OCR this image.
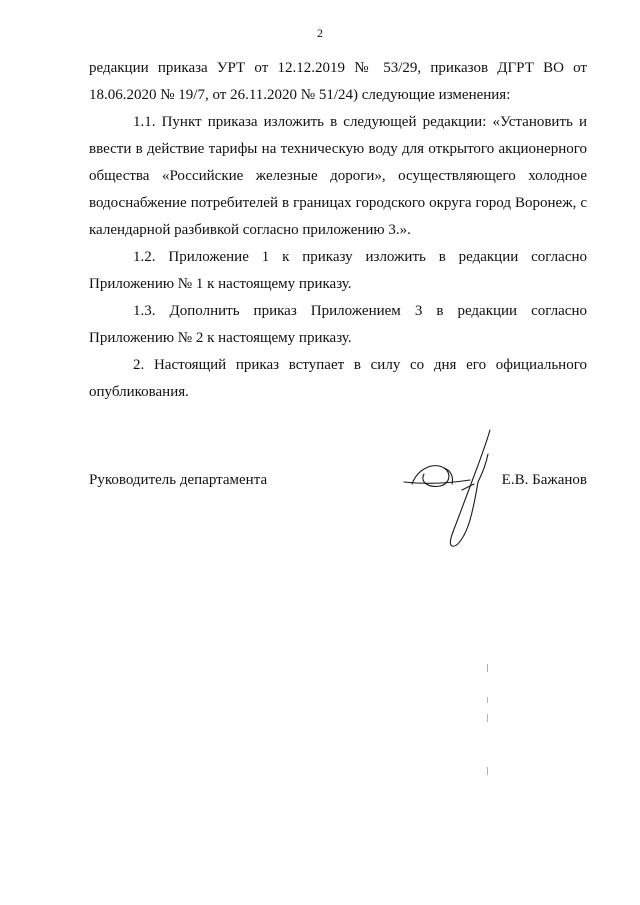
2

редакции приказа УРТ от 12.12.2019 № 53/29, приказов ДГРТ ВО от 18.06.2020 № 19/7, от 26.11.2020 № 51/24) следующие изменения:

1.1. Пункт приказа изложить в следующей редакции: «Установить и ввести в действие тарифы на техническую воду для открытого акционерного общества «Российские железные дороги», осуществляющего холодное водоснабжение потребителей в границах городского округа город Воронеж, с календарной разбивкой согласно приложению 3.».

1.2. Приложение 1 к приказу изложить в редакции согласно Приложению № 1 к настоящему приказу.

1.3. Дополнить приказ Приложением 3 в редакции согласно Приложению № 2 к настоящему приказу.

2. Настоящий приказ вступает в силу со дня его официального опубликования.

Руководитель департамента	Е.В. Бажанов
